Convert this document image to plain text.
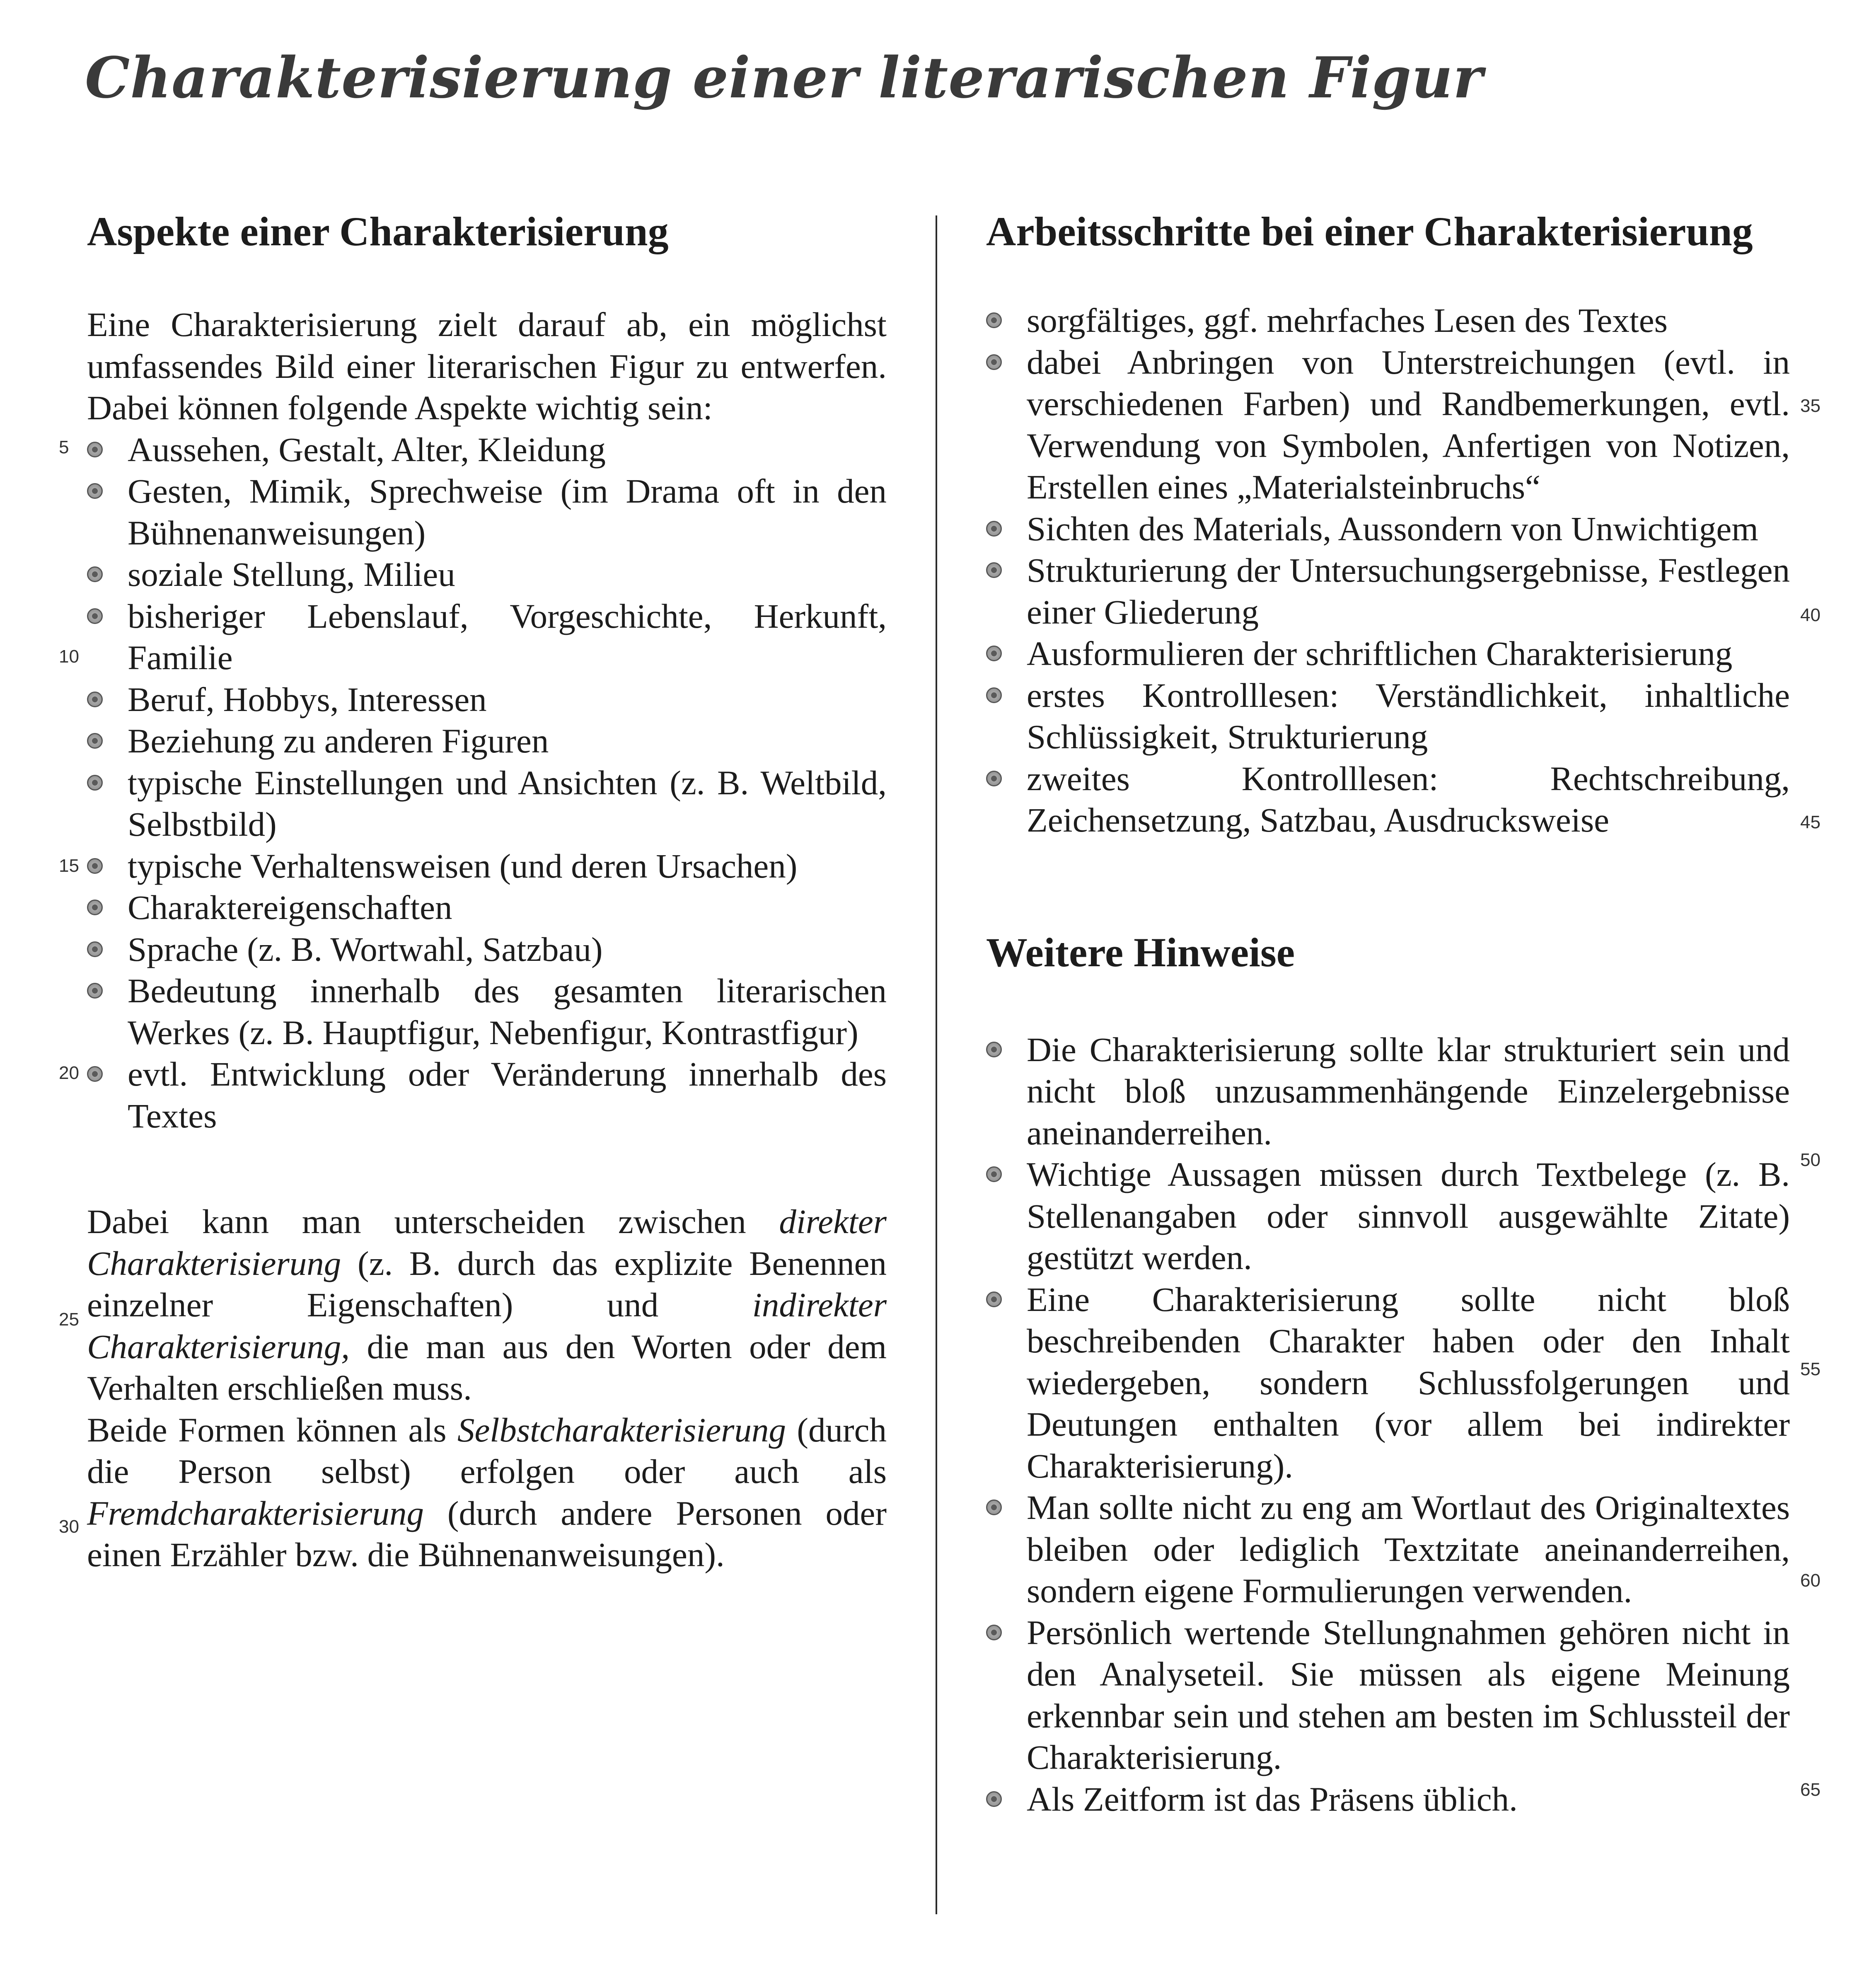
Charakterisierung einer literarischen Figur
Aspekte einer Charakterisierung

Eine Charakterisierung zielt darauf ab, ein möglichst umfassendes Bild einer literarischen Figur zu entwerfen. Dabei können folgende Aspekte wichtig sein:

Aussehen, Gestalt, Alter, Kleidung
Gesten, Mimik, Sprechweise (im Drama oft in den Bühnenanweisungen)
soziale Stellung, Milieu
bisheriger Lebenslauf, Vorgeschichte, Herkunft, Familie
Beruf, Hobbys, Interessen
Beziehung zu anderen Figuren
typische Einstellungen und Ansichten (z. B. Weltbild, Selbstbild)
typische Verhaltensweisen (und deren Ursachen)
Charaktereigenschaften
Sprache (z. B. Wortwahl, Satzbau)
Bedeutung innerhalb des gesamten literarischen Werkes (z. B. Hauptfigur, Nebenfigur, Kontrastfigur)
evtl. Entwicklung oder Veränderung innerhalb des Textes

Dabei kann man unterscheiden zwischen direkter Charakterisierung (z. B. durch das explizite Benennen einzelner Eigenschaften) und indirekter Charakterisierung, die man aus den Worten oder dem Verhalten erschließen muss.

Beide Formen können als Selbstcharakterisierung (durch die Person selbst) erfolgen oder auch als Fremdcharakterisierung (durch andere Personen oder einen Erzähler bzw. die Bühnenanweisungen).

Arbeitsschritte bei einer Charakterisierung
sorgfältiges, ggf. mehrfaches Lesen des Textes
dabei Anbringen von Unterstreichungen (evtl. in verschiedenen Farben) und Randbemerkungen, evtl. Verwendung von Symbolen, Anfertigen von Notizen, Erstellen eines „Materialsteinbruchs“
Sichten des Materials, Aussondern von Unwichtigem
Strukturierung der Untersuchungsergebnisse, Festlegen einer Gliederung
Ausformulieren der schriftlichen Charakterisierung
erstes Kontrolllesen: Verständlichkeit, inhaltliche Schlüssigkeit, Strukturierung
zweites Kontrolllesen: Rechtschreibung, Zeichensetzung, Satzbau, Ausdrucksweise
Weitere Hinweise
Die Charakterisierung sollte klar strukturiert sein und nicht bloß unzusammenhängende Einzelergebnisse aneinanderreihen.
Wichtige Aussagen müssen durch Textbelege (z. B. Stellenangaben oder sinnvoll ausgewählte Zitate) gestützt werden.
Eine Charakterisierung sollte nicht bloß beschreibenden Charakter haben oder den Inhalt wiedergeben, sondern Schlussfolgerungen und Deutungen enthalten (vor allem bei indirekter Charakterisierung).
Man sollte nicht zu eng am Wortlaut des Originaltextes bleiben oder lediglich Textzitate aneinanderreihen, sondern eigene Formulierungen verwenden.
Persönlich wertende Stellungnahmen gehören nicht in den Analyseteil. Sie müssen als eigene Meinung erkennbar sein und stehen am besten im Schlussteil der Charakterisierung.
Als Zeitform ist das Präsens üblich.
5
10
15
20
25
30
35
40
45
50
55
60
65
